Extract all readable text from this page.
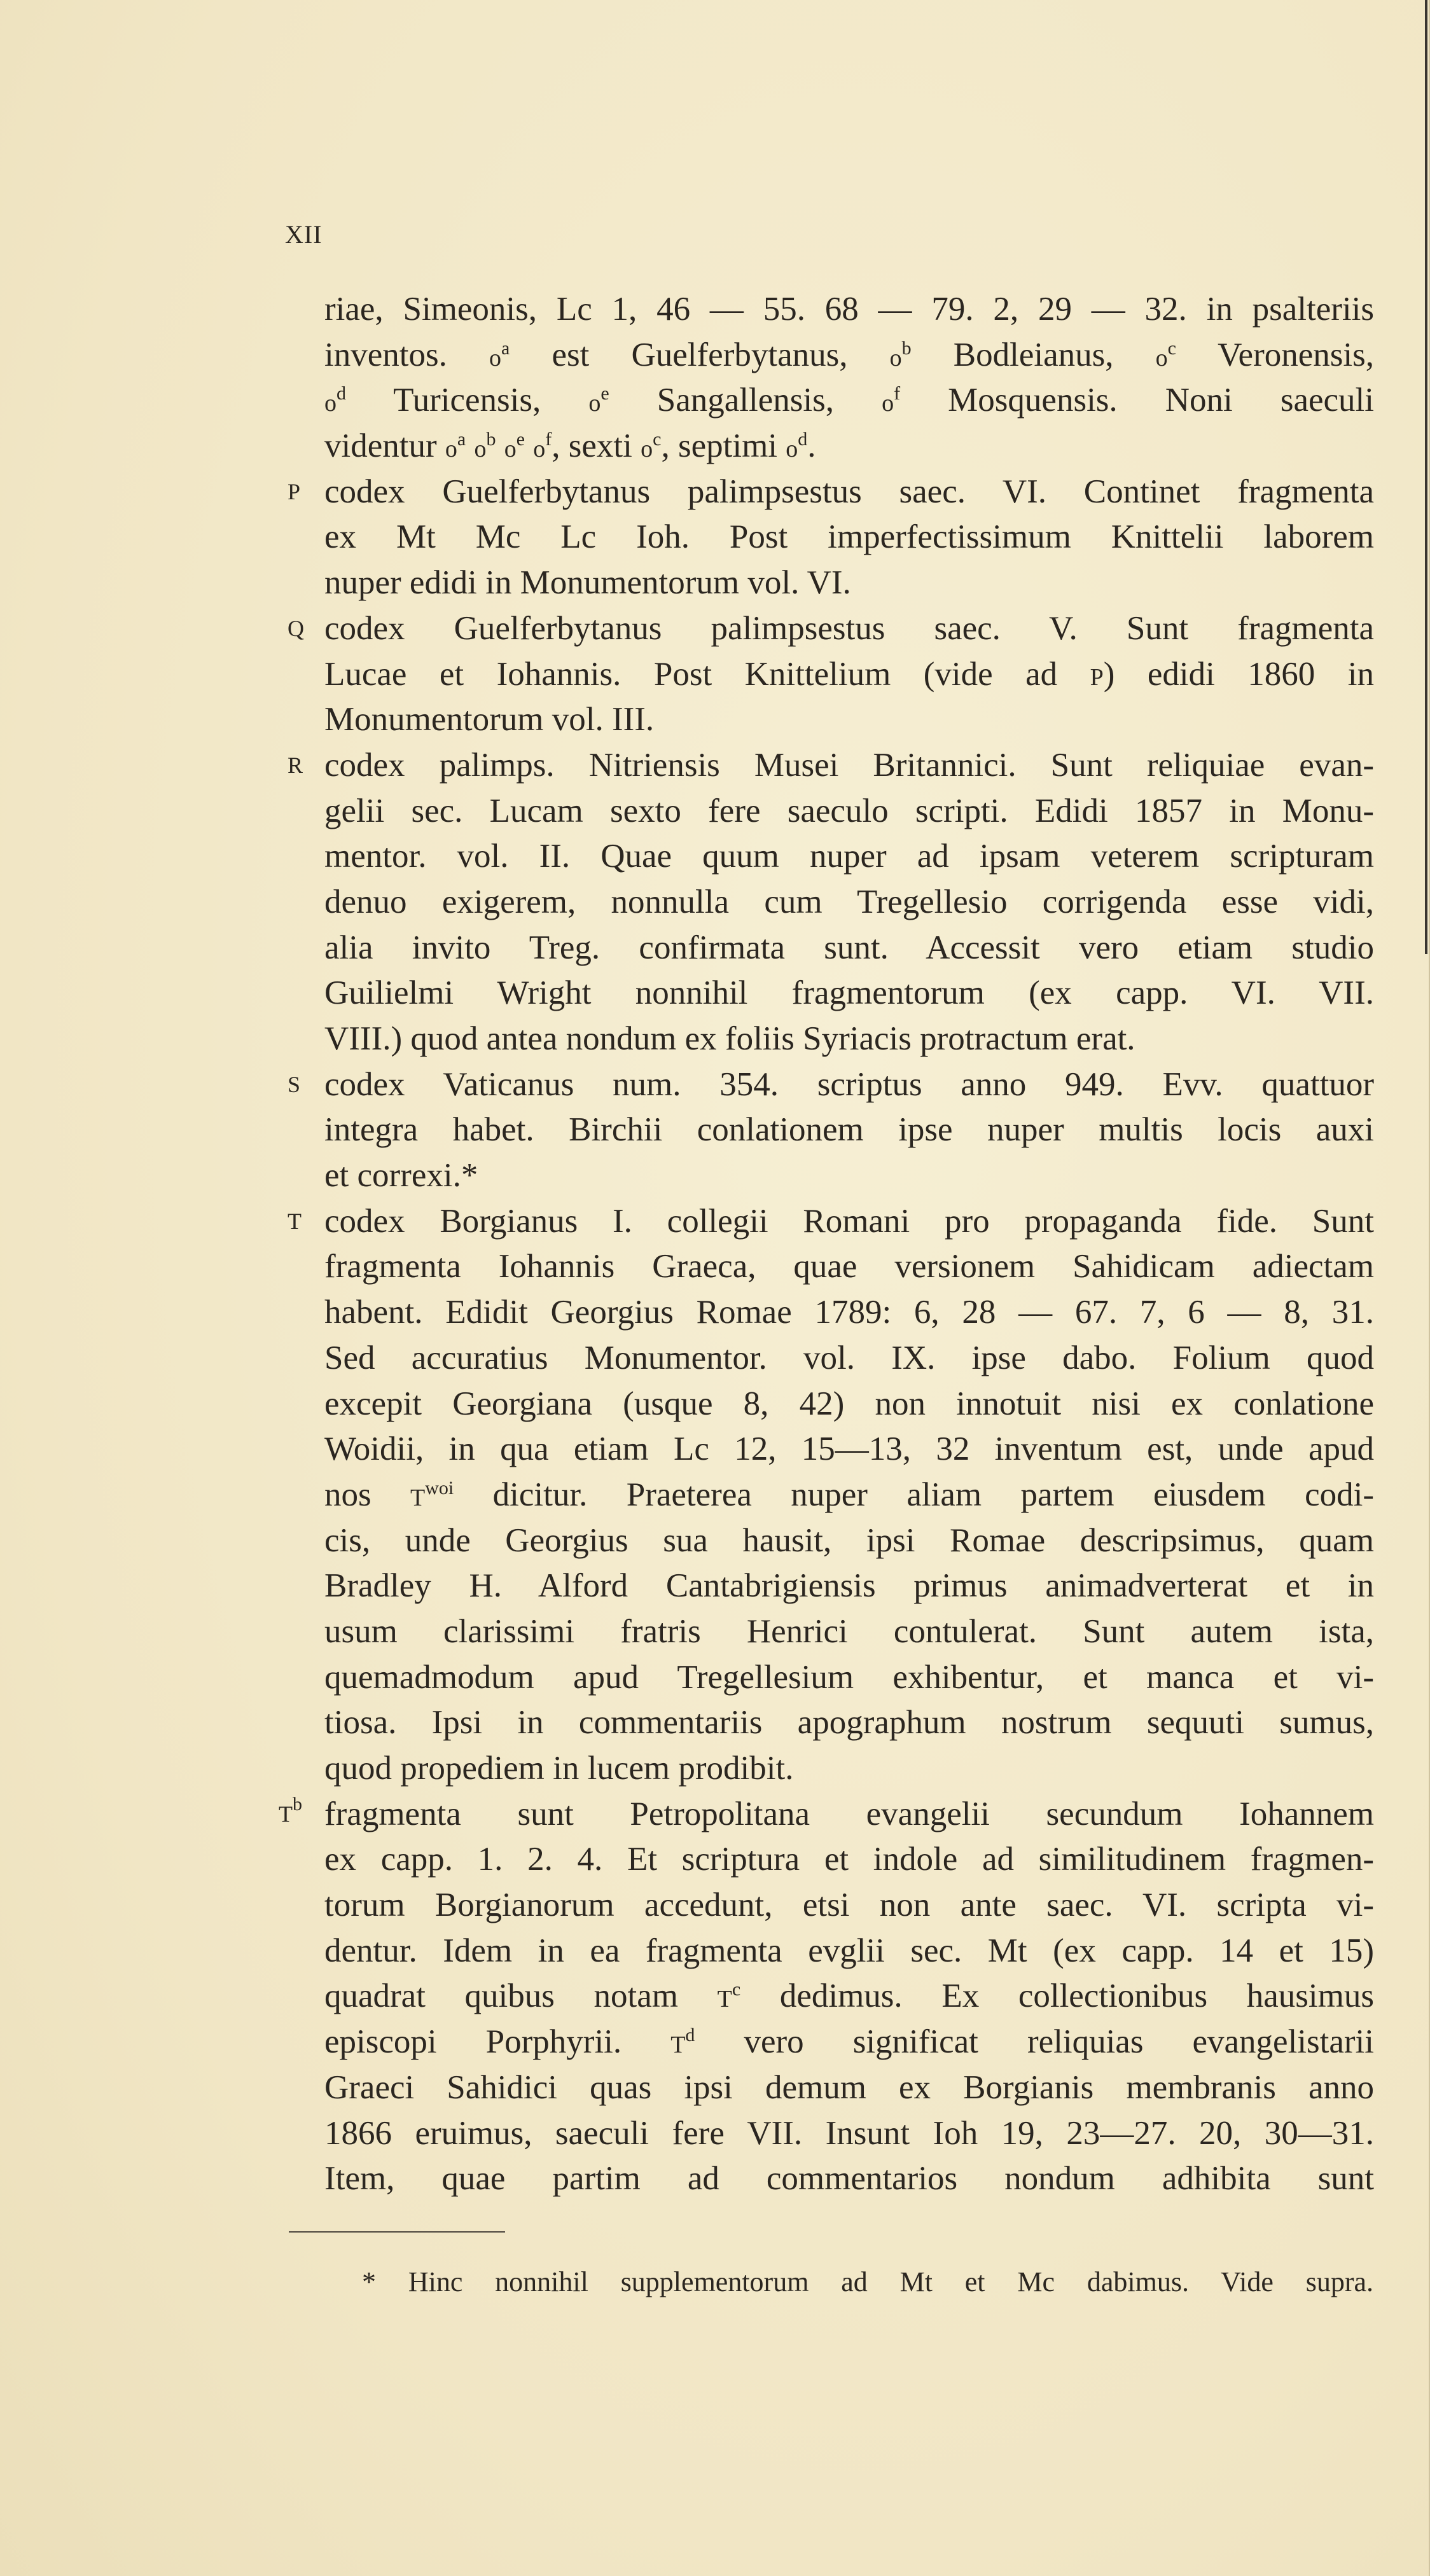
XII
riae, Simeonis, Lc 1, 46 — 55. 68 — 79. 2, 29 — 32. in psalteriis
inventos. $o^a$ est Guelferbytanus, $o^b$ Bodleianus, $o^c$ Veronensis,
$o^d$ Turicensis, $o^e$ Sangallensis, $o^f$ Mosquensis. Noni saeculi
videntur $o^a$ $o^b$ $o^e$ $o^f$, sexti $o^c$, septimi $o^d$.
P codex Guelferbytanus palimpsestus saec. VI. Continet fragmenta
ex Mt Mc Lc Ioh. Post imperfectissimum Knittelii laborem
nuper edidi in Monumentorum vol. VI.
Q codex Guelferbytanus palimpsestus saec. V. Sunt fragmenta
Lucae et Iohannis. Post Knittelium (vide ad P) edidi 1860 in
Monumentorum vol. III.
R codex palimps. Nitriensis Musei Britannici. Sunt reliquiae evan-
gelii sec. Lucam sexto fere saeculo scripti. Edidi 1857 in Monu-
mentor. vol. II. Quae quum nuper ad ipsam veterem scripturam
denuo exigerem, nonnulla cum Tregellesio corrigenda esse vidi,
alia invito Treg. confirmata sunt. Accessit vero etiam studio
Guilielmi Wright nonnihil fragmentorum (ex capp. VI. VII.
VIII.) quod antea nondum ex foliis Syriacis protractum erat.
S codex Vaticanus num. 354. scriptus anno 949. Evv. quattuor
integra habet. Birchii conlationem ipse nuper multis locis auxi
et correxi.*
T codex Borgianus I. collegii Romani pro propaganda fide. Sunt
fragmenta Iohannis Graeca, quae versionem Sahidicam adiectam
habent. Edidit Georgius Romae 1789: 6, 28 — 67. 7, 6 — 8, 31.
Sed accuratius Monumentor. vol. IX. ipse dabo. Folium quod
excepit Georgiana (usque 8, 42) non innotuit nisi ex conlatione
Woidii, in qua etiam Lc 12, 15—13, 32 inventum est, unde apud
nos $T^{woi}$ dicitur. Praeterea nuper aliam partem eiusdem codi-
cis, unde Georgius sua hausit, ipsi Romae descripsimus, quam
Bradley H. Alford Cantabrigiensis primus animadverterat et in
usum clarissimi fratris Henrici contulerat. Sunt autem ista,
quemadmodum apud Tregellesium exhibentur, et manca et vi-
tiosa. Ipsi in commentariis apographum nostrum sequuti sumus,
quod propediem in lucem prodibit.
$T^b$ fragmenta sunt Petropolitana evangelii secundum Iohannem
ex capp. 1. 2. 4. Et scriptura et indole ad similitudinem fragmen-
torum Borgianorum accedunt, etsi non ante saec. VI. scripta vi-
dentur. Idem in ea fragmenta evglii sec. Mt (ex capp. 14 et 15)
quadrat quibus notam $T^c$ dedimus. Ex collectionibus hausimus
episcopi Porphyrii. $T^d$ vero significat reliquias evangelistarii
Graeci Sahidici quas ipsi demum ex Borgianis membranis anno
1866 eruimus, saeculi fere VII. Insunt Ioh 19, 23—27. 20, 30—31.
Item, quae partim ad commentarios nondum adhibita sunt
* Hinc nonnihil supplementorum ad Mt et Mc dabimus. Vide supra.
